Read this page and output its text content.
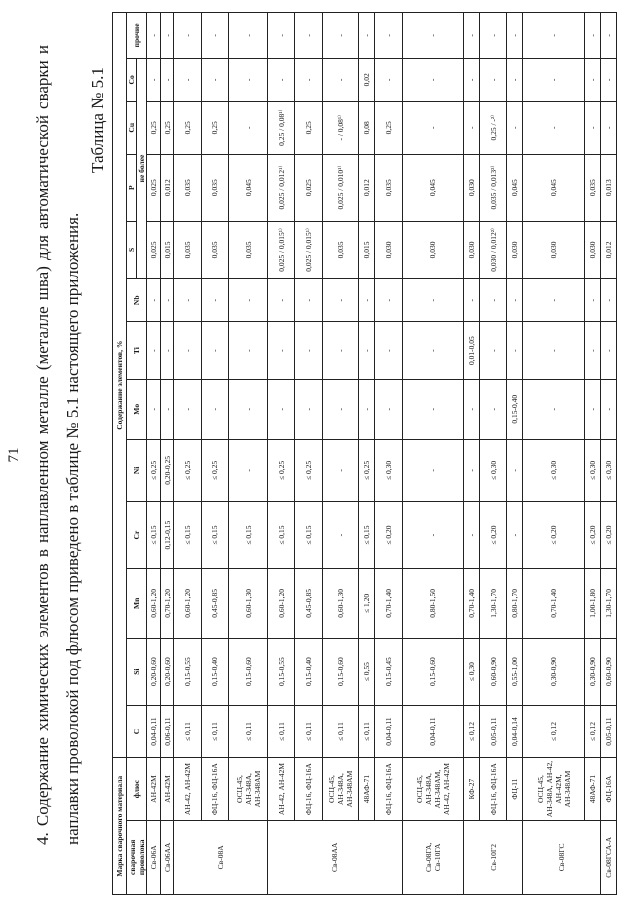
71 4. Содержание химических элементов в наплавленном металле (металле шва) для автоматической сварки и наплавки проволокой под флюсом приведено в таблице № 5.1 настоящего приложения.
Таблица № 5.1
Марка сварочного материала		Содержание элементов, %												
сварочная проволока	флюс	C	Si	Mn	Cr	Ni	Mo	Ti	Nb	S	P	Cu	Co	прочие
										не более				

Св-06А	АН-42М	0,04-0,11	0,20-0,60	0,60-1,20	≤ 0,15	≤ 0,25	-	-	-	0,025	0,025	0,25	-	-

Св-06АА	АН-42М	0,06-0,11	0,20-0,60	0,70-1,20	0,12-0,15	0,20-0,25	-	-	-	0,015	0,012	0,25	-	-

Св-08А	АН-42, АН-42М	≤ 0,11	0,15-0,55	0,60-1,20	≤ 0,15	≤ 0,25	-	-	-	0,035	0,035	0,25	-	-
	ФЦ-16, ФЦ-16А	≤ 0,11	0,15-0,40	0,45-0,85	≤ 0,15	≤ 0,25	-	-	-	0,035	0,035	0,25	-	-
	ОСЦ-45, АН-348А, АН-348АМ	≤ 0,11	0,15-0,60	0,60-1,30	≤ 0,15	-	-	-	-	0,035	0,045	-	-	-

Св-08АА	АН-42, АН-42М	≤ 0,11	0,15-0,55	0,60-1,20	≤ 0,15	≤ 0,25	-	-	-	0,025 / 0,015¹⁾	0,025 / 0,012¹⁾	0,25 / 0,08¹⁾	-	-
	ФЦ-16, ФЦ-16А	≤ 0,11	0,15-0,40	0,45-0,85	≤ 0,15	≤ 0,25	-	-	-	0,025 / 0,015¹⁾	0,025	0,25	-	-
	ОСЦ-45, АН-348А, АН-348АМ	≤ 0,11	0,15-0,60	0,60-1,30	-	-	-	-	-	0,035	0,025 / 0,010¹⁾	- / 0,08¹⁾	-	-
	48АФ-71	≤ 0,11	≤ 0,55	≤ 1,20	≤ 0,15	≤ 0,25	-	-	-	0,015	0,012	0,08	0,02	-
	ФЦ-16, ФЦ-16А	0,04-0,11	0,15-0,45	0,70-1,40	≤ 0,20	≤ 0,30	-	-	-	0,030	0,035	0,25	-	-

Св-08ГА, Св-10ГА	ОСЦ-45, АН-348А, АН-348АМ, АН-42, АН-42М	0,04-0,11	0,15-0,60	0,80-1,50	-	-	-	-	-	0,030	0,045	-	-	-

Св-10Г2	КФ-27	≤ 0,12	≤ 0,30	0,70-1,40	-	-	-	0,01-0,05	-	0,030	0,030	-	-	-
	ФЦ-16, ФЦ-16А	0,05-0,11	0,60-0,90	1,30-1,70	≤ 0,20	≤ 0,30	-	-	-	0,030 / 0,012²⁾	0,035 / 0,013²⁾	0,25 / -²⁾	-	-
	ФЦ-11	0,04-0,14	0,55-1,00	0,80-1,70	-	-	0,15-0,40	-	-	0,030	0,045	-	-	-

Св-08ГС	ОСЦ-45, АН-348А, АН-42, АН-42М, АН-348АМ	≤ 0,12	0,30-0,90	0,70-1,40	≤ 0,20	≤ 0,30	-	-	-	0,030	0,045	-	-	-
	48АФ-71	≤ 0,12	0,30-0,90	1,00-1,80	≤ 0,20	≤ 0,30	-	-	-	0,030	0,035	-	-	-

Св-08ГСА-А	ФЦ-16А	0,05-0,11	0,60-0,90	1,30-1,70	≤ 0,20	≤ 0,30	-	-	-	0,012	0,013	-	-	-
